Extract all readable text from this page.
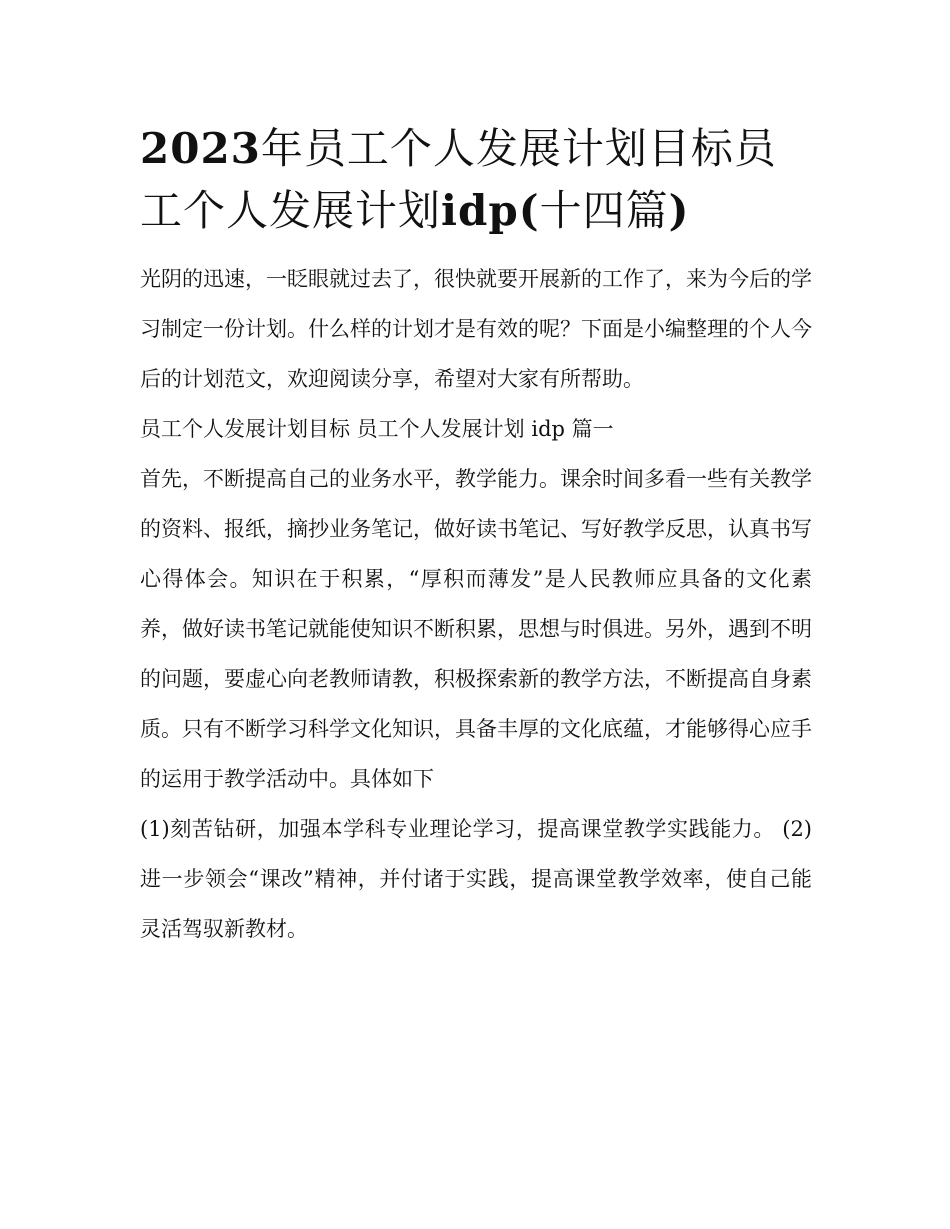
2023年员工个人发展计划目标员工个人发展计划idp(十四篇)

光阴的迅速，一眨眼就过去了，很快就要开展新的工作了，来为今后的学习制定一份计划。什么样的计划才是有效的呢？下面是小编整理的个人今后的计划范文，欢迎阅读分享，希望对大家有所帮助。

员工个人发展计划目标 员工个人发展计划 idp 篇一

首先，不断提高自己的业务水平，教学能力。课余时间多看一些有关教学的资料、报纸，摘抄业务笔记，做好读书笔记、写好教学反思，认真书写心得体会。知识在于积累，“厚积而薄发”是人民教师应具备的文化素养，做好读书笔记就能使知识不断积累，思想与时俱进。另外，遇到不明的问题，要虚心向老教师请教，积极探索新的教学方法，不断提高自身素质。只有不断学习科学文化知识，具备丰厚的文化底蕴，才能够得心应手的运用于教学活动中。具体如下

(1)刻苦钻研，加强本学科专业理论学习，提高课堂教学实践能力。 (2)进一步领会“课改”精神，并付诸于实践，提高课堂教学效率，使自己能灵活驾驭新教材。
